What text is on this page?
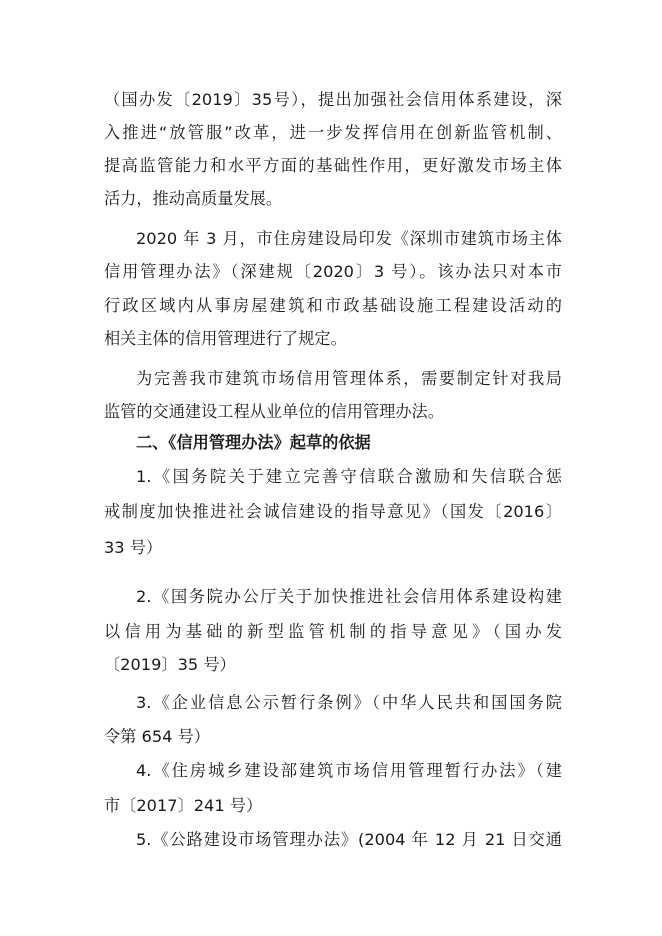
（国办发〔2019〕35号），提出加强社会信用体系建设，深
入推进“放管服”改革，进一步发挥信用在创新监管机制、
提高监管能力和水平方面的基础性作用，更好激发市场主体
活力，推动高质量发展。
2020 年 3 月，市住房建设局印发《深圳市建筑市场主体
信用管理办法》（深建规〔2020〕3 号）。该办法只对本市
行政区域内从事房屋建筑和市政基础设施工程建设活动的
相关主体的信用管理进行了规定。
为完善我市建筑市场信用管理体系，需要制定针对我局
监管的交通建设工程从业单位的信用管理办法。
二、《信用管理办法》起草的依据
1.《国务院关于建立完善守信联合激励和失信联合惩
戒制度加快推进社会诚信建设的指导意见》（国发〔2016〕
33 号）
2.《国务院办公厅关于加快推进社会信用体系建设构建
以信用为基础的新型监管机制的指导意见》（国办发
〔2019〕35 号）
3.《企业信息公示暂行条例》（中华人民共和国国务院
令第 654 号）
4.《住房城乡建设部建筑市场信用管理暂行办法》（建
市〔2017〕241 号）
5.《公路建设市场管理办法》(2004 年 12 月 21 日交通
